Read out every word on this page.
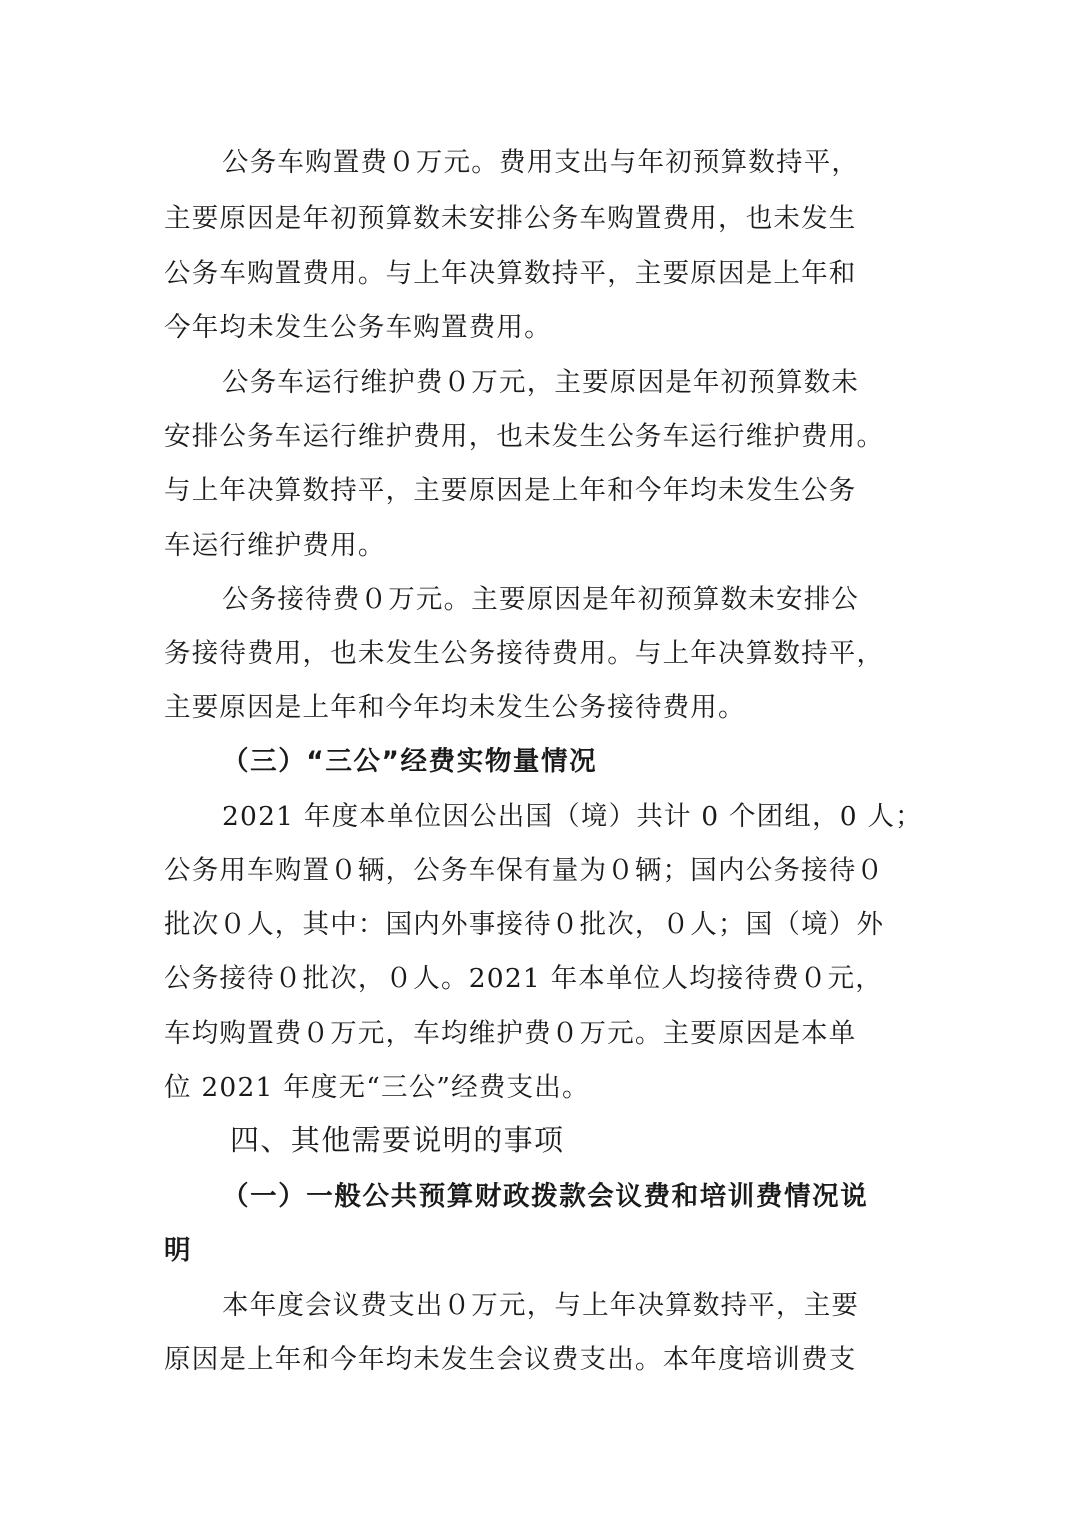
公务车购置费０万元。费用支出与年初预算数持平，
主要原因是年初预算数未安排公务车购置费用，也未发生
公务车购置费用。与上年决算数持平，主要原因是上年和
今年均未发生公务车购置费用。
公务车运行维护费０万元，主要原因是年初预算数未
安排公务车运行维护费用，也未发生公务车运行维护费用。
与上年决算数持平，主要原因是上年和今年均未发生公务
车运行维护费用。
公务接待费０万元。主要原因是年初预算数未安排公
务接待费用，也未发生公务接待费用。与上年决算数持平，
主要原因是上年和今年均未发生公务接待费用。
（三）“三公”经费实物量情况
2021 年度本单位因公出国（境）共计 0 个团组，0 人；
公务用车购置０辆，公务车保有量为０辆；国内公务接待０
批次０人，其中：国内外事接待０批次，０人；国（境）外
公务接待０批次，０人。2021 年本单位人均接待费０元，
车均购置费０万元，车均维护费０万元。主要原因是本单
位 2021 年度无“三公”经费支出。
四、其他需要说明的事项
（一）一般公共预算财政拨款会议费和培训费情况说
明
本年度会议费支出０万元，与上年决算数持平，主要
原因是上年和今年均未发生会议费支出。本年度培训费支
